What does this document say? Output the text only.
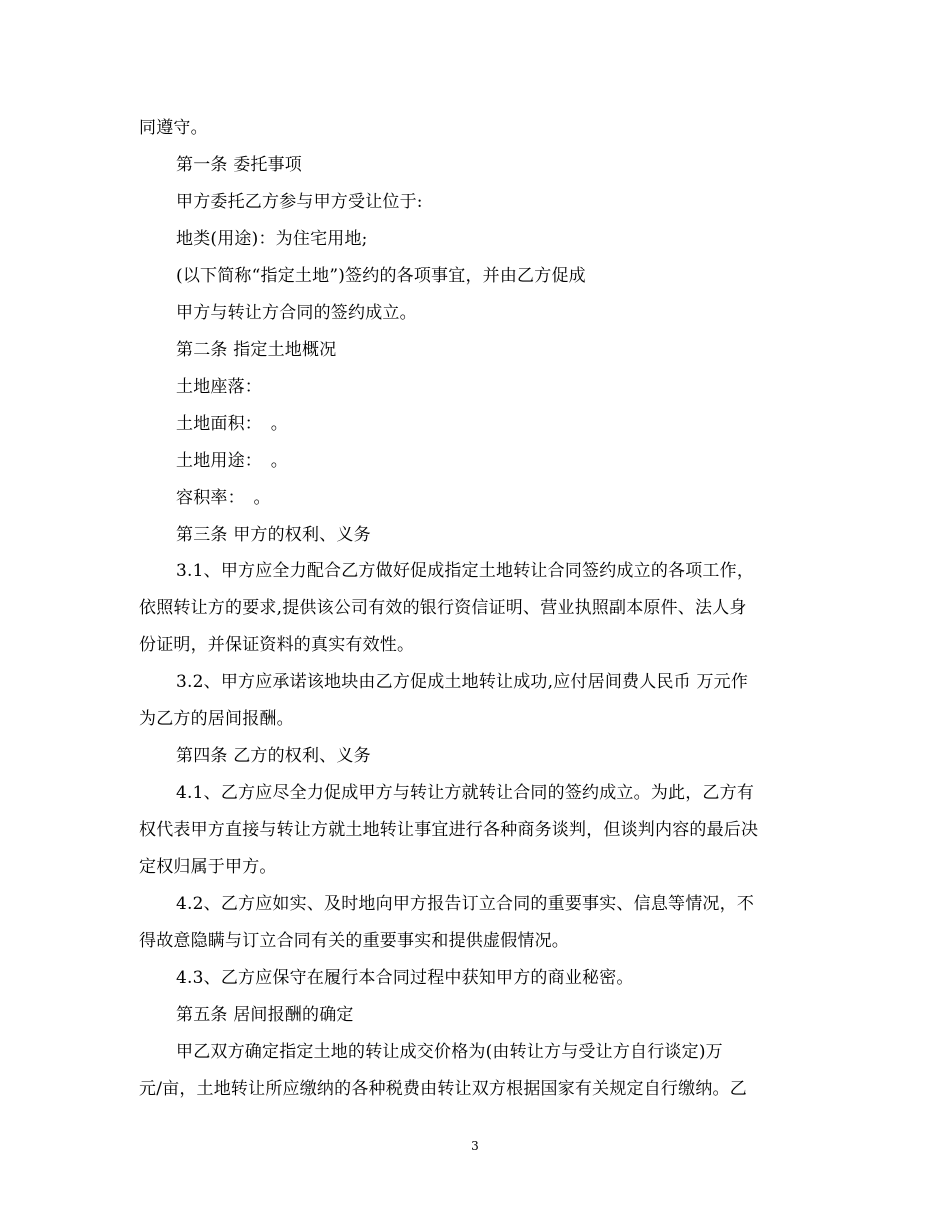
同遵守。
第一条 委托事项
甲方委托乙方参与甲方受让位于:
地类(用途)：为住宅用地;
(以下简称“指定土地”)签约的各项事宜，并由乙方促成
甲方与转让方合同的签约成立。
第二条 指定土地概况
土地座落：
土地面积：　。
土地用途：　。
容积率：　。
第三条 甲方的权利、义务
3.1、甲方应全力配合乙方做好促成指定土地转让合同签约成立的各项工作，
依照转让方的要求,提供该公司有效的银行资信证明、营业执照副本原件、法人身
份证明，并保证资料的真实有效性。
3.2、甲方应承诺该地块由乙方促成土地转让成功,应付居间费人民币 万元作
为乙方的居间报酬。
第四条 乙方的权利、义务
4.1、乙方应尽全力促成甲方与转让方就转让合同的签约成立。为此，乙方有
权代表甲方直接与转让方就土地转让事宜进行各种商务谈判，但谈判内容的最后决
定权归属于甲方。
4.2、乙方应如实、及时地向甲方报告订立合同的重要事实、信息等情况，不
得故意隐瞒与订立合同有关的重要事实和提供虚假情况。
4.3、乙方应保守在履行本合同过程中获知甲方的商业秘密。
第五条 居间报酬的确定
甲乙双方确定指定土地的转让成交价格为(由转让方与受让方自行谈定)万
元/亩，土地转让所应缴纳的各种税费由转让双方根据国家有关规定自行缴纳。乙
3
